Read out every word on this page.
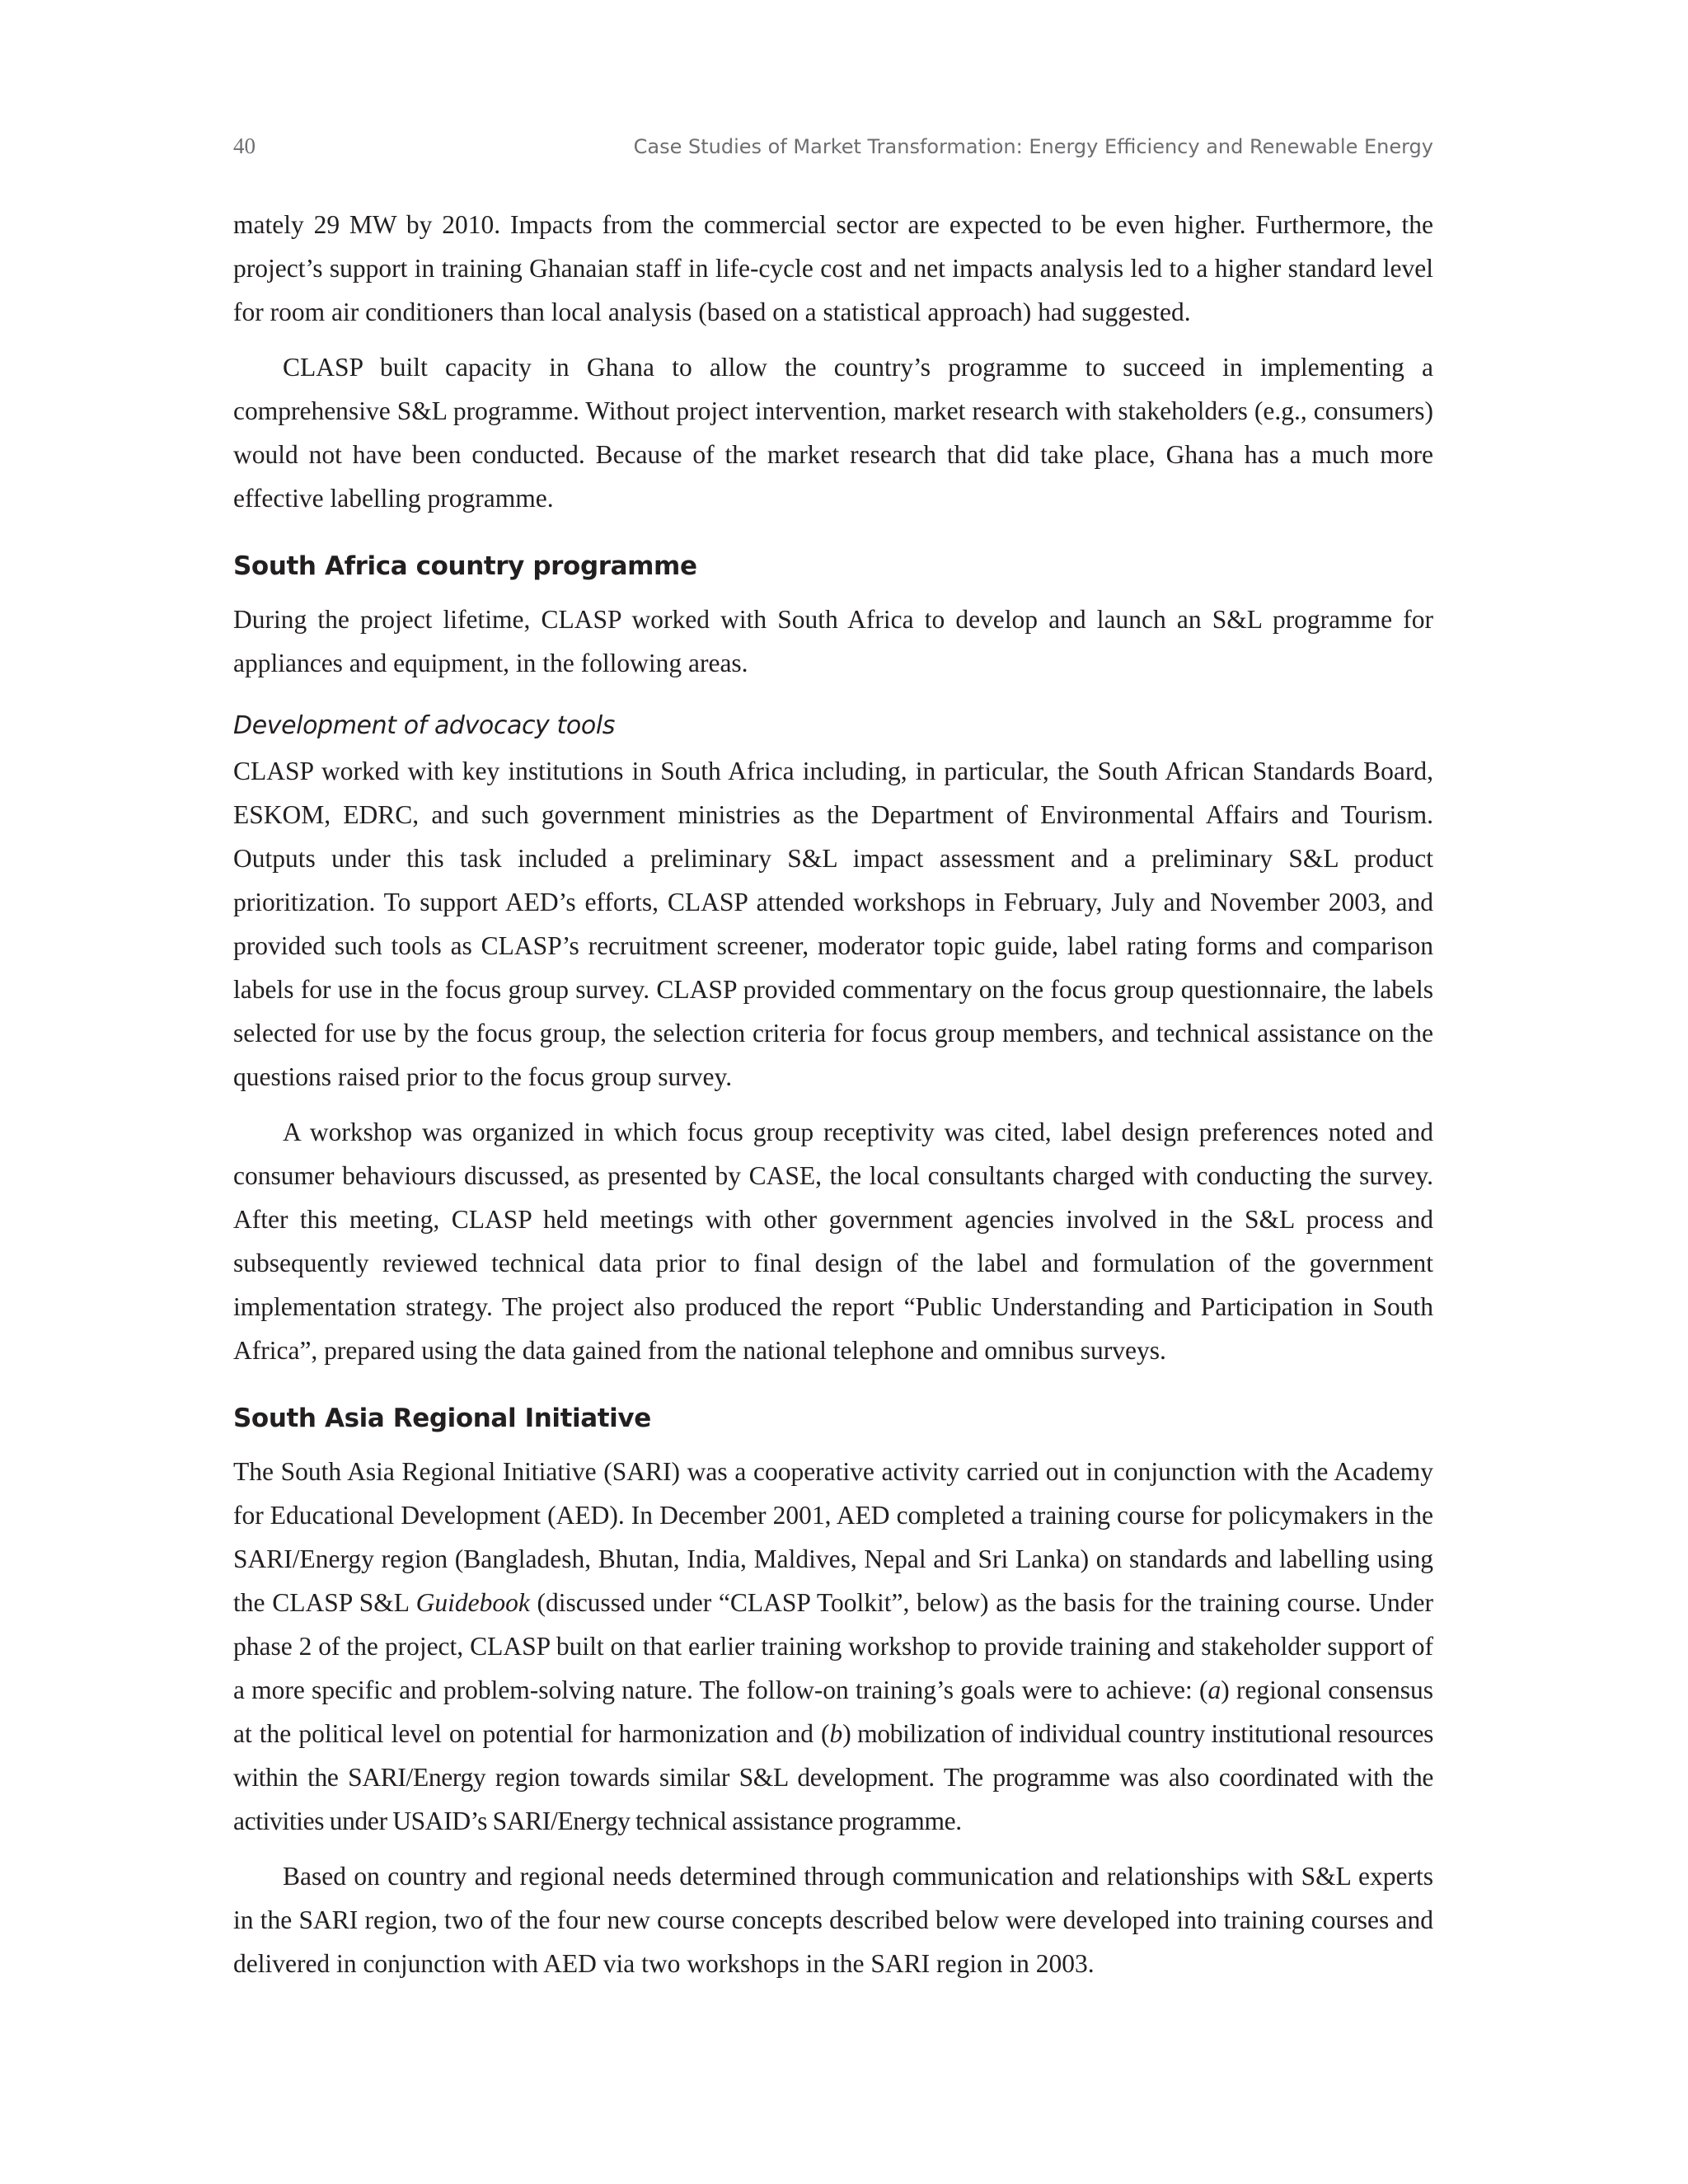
40	Case Studies of Market Transformation: Energy Efficiency and Renewable Energy

mately 29 MW by 2010. Impacts from the commercial sector are expected to be even higher. Furthermore, the project’s support in training Ghanaian staff in life-cycle cost and net impacts analysis led to a higher standard level for room air conditioners than local analysis (based on a statistical approach) had suggested.

CLASP built capacity in Ghana to allow the country’s programme to succeed in implementing a comprehensive S&L programme. Without project intervention, market research with stakeholders (e.g., consumers) would not have been conducted. Because of the market research that did take place, Ghana has a much more effective labelling programme.

South Africa country programme

During the project lifetime, CLASP worked with South Africa to develop and launch an S&L programme for appliances and equipment, in the following areas.

Development of advocacy tools

CLASP worked with key institutions in South Africa including, in particular, the South African Standards Board, ESKOM, EDRC, and such government ministries as the Department of Environmental Affairs and Tourism. Outputs under this task included a preliminary S&L impact assessment and a preliminary S&L product prioritization. To support AED’s efforts, CLASP attended workshops in February, July and November 2003, and provided such tools as CLASP’s recruitment screener, moderator topic guide, label rating forms and comparison labels for use in the focus group survey. CLASP provided commentary on the focus group questionnaire, the labels selected for use by the focus group, the selection criteria for focus group members, and technical assistance on the questions raised prior to the focus group survey.

A workshop was organized in which focus group receptivity was cited, label design preferences noted and consumer behaviours discussed, as presented by CASE, the local consultants charged with conducting the survey. After this meeting, CLASP held meetings with other government agencies involved in the S&L process and subsequently reviewed technical data prior to final design of the label and formulation of the government implementation strategy. The project also produced the report “Public Understanding and Participation in South Africa”, prepared using the data gained from the national telephone and omnibus surveys.

South Asia Regional Initiative

The South Asia Regional Initiative (SARI) was a cooperative activity carried out in conjunction with the Academy for Educational Development (AED). In December 2001, AED completed a training course for policymakers in the SARI/Energy region (Bangladesh, Bhutan, India, Maldives, Nepal and Sri Lanka) on standards and labelling using the CLASP S&L Guidebook (discussed under “CLASP Toolkit”, below) as the basis for the training course. Under phase 2 of the project, CLASP built on that earlier training workshop to provide training and stakeholder support of a more specific and problem-solving nature. The follow-on training’s goals were to achieve: (a) regional consensus at the political level on potential for harmonization and (b) mobilization of individual country institutional resources within the SARI/Energy region towards similar S&L development. The programme was also coordinated with the activities under USAID’s SARI/Energy technical assistance programme.

Based on country and regional needs determined through communication and relationships with S&L experts in the SARI region, two of the four new course concepts described below were developed into training courses and delivered in conjunction with AED via two workshops in the SARI region in 2003.
